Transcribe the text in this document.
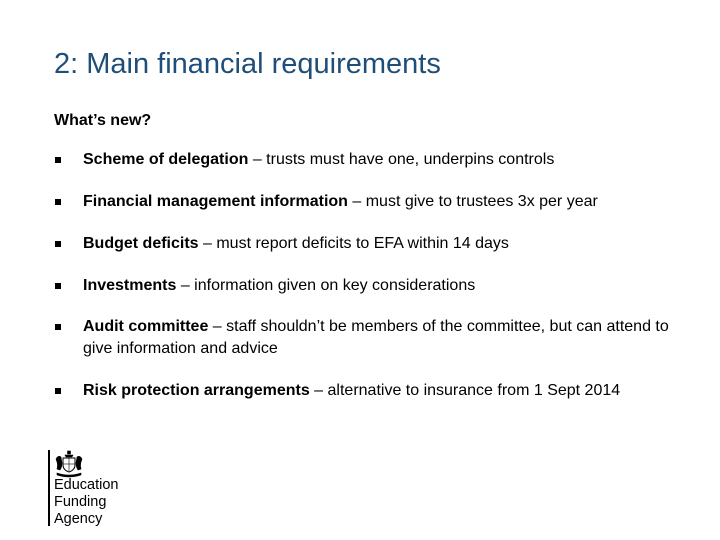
2: Main financial requirements
What’s new?
Scheme of delegation – trusts must have one, underpins controls
Financial management information – must give to trustees 3x per year
Budget deficits – must report deficits to EFA within 14 days
Investments – information given on key considerations
Audit committee – staff shouldn’t be members of the committee, but can attend to give information and advice
Risk protection arrangements – alternative to insurance from 1 Sept 2014
Education
Funding
Agency
